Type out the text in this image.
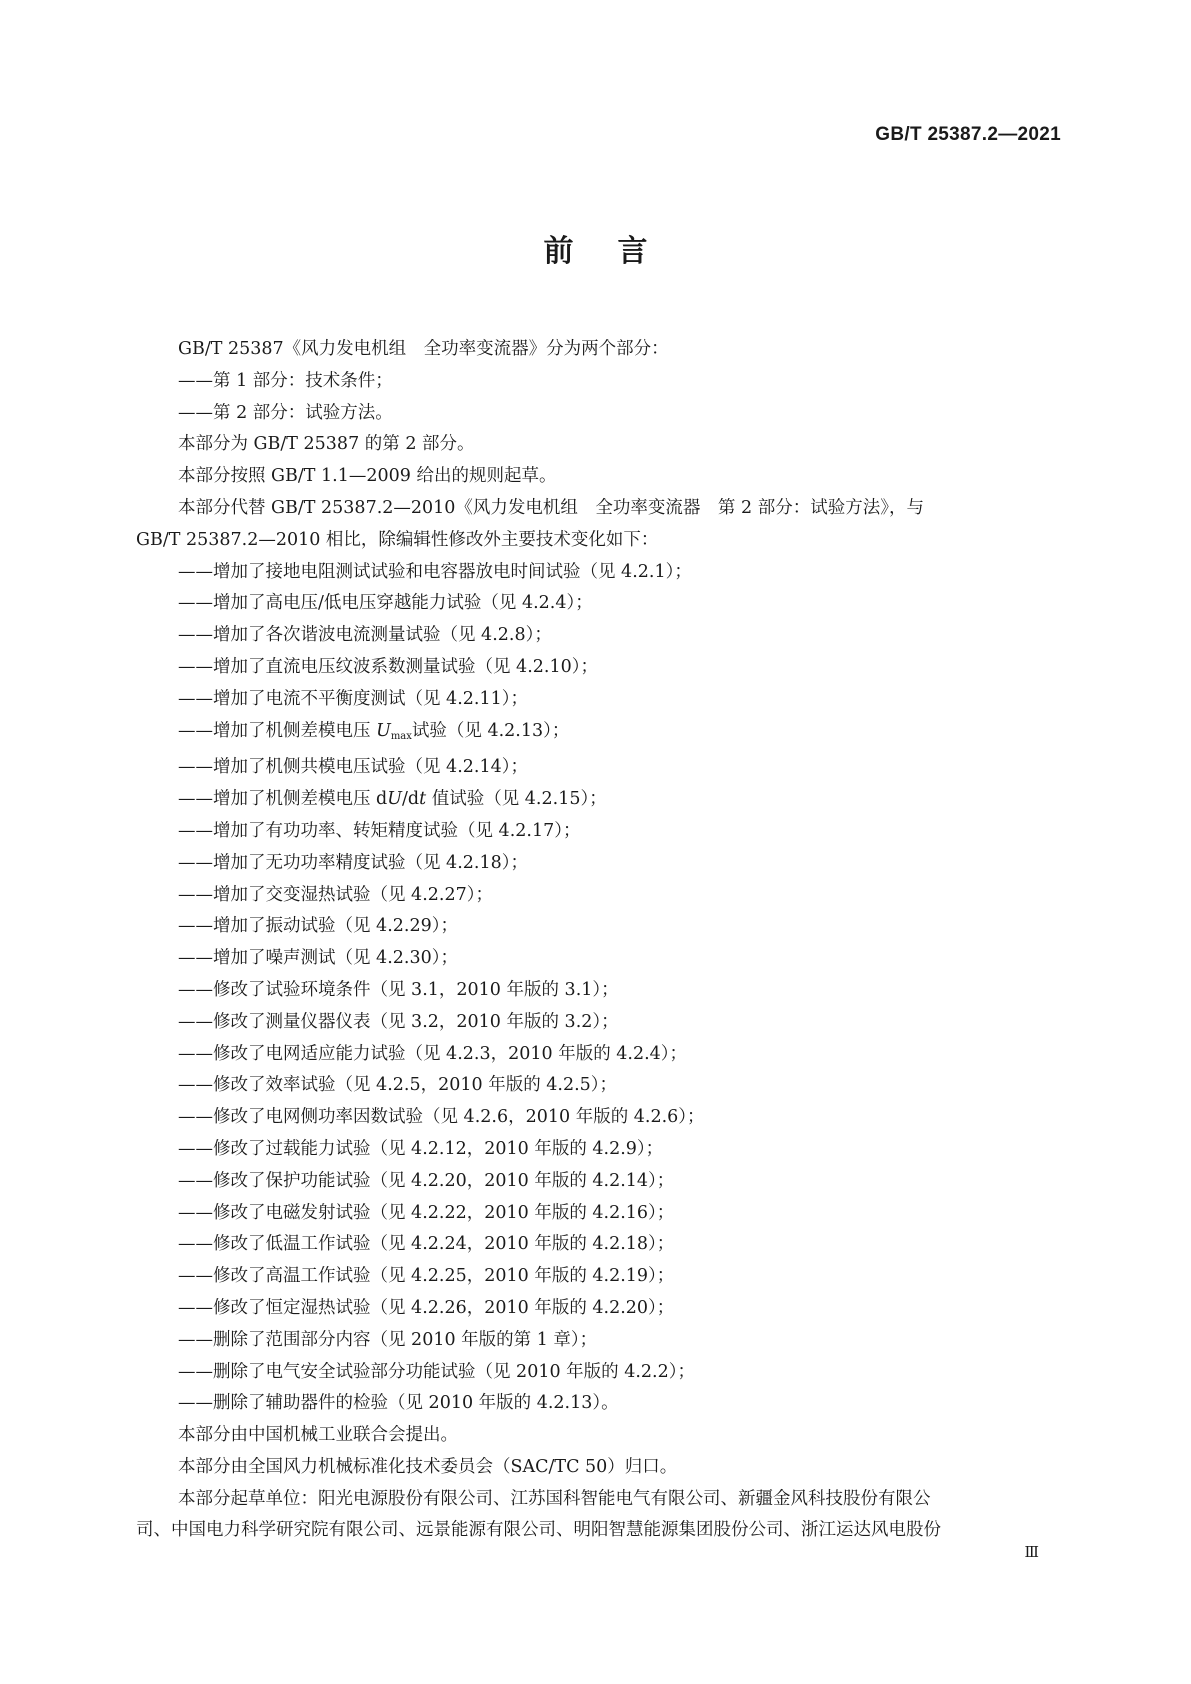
GB/T 25387.2—2021
前言

GB/T 25387《风力发电机组　全功率变流器》分为两个部分：

——第 1 部分：技术条件；

——第 2 部分：试验方法。

本部分为 GB/T 25387 的第 2 部分。

本部分按照 GB/T 1.1—2009 给出的规则起草。

本部分代替 GB/T 25387.2—2010《风力发电机组　全功率变流器　第 2 部分：试验方法》，与

GB/T 25387.2—2010 相比，除编辑性修改外主要技术变化如下：

——增加了接地电阻测试试验和电容器放电时间试验（见 4.2.1）；

——增加了高电压/低电压穿越能力试验（见 4.2.4）；

——增加了各次谐波电流测量试验（见 4.2.8）；

——增加了直流电压纹波系数测量试验（见 4.2.10）；

——增加了电流不平衡度测试（见 4.2.11）；

——增加了机侧差模电压 $U_{max}$试验（见 4.2.13）；

——增加了机侧共模电压试验（见 4.2.14）；

——增加了机侧差模电压 dU/dt 值试验（见 4.2.15）；

——增加了有功功率、转矩精度试验（见 4.2.17）；

——增加了无功功率精度试验（见 4.2.18）；

——增加了交变湿热试验（见 4.2.27）；

——增加了振动试验（见 4.2.29）；

——增加了噪声测试（见 4.2.30）；

——修改了试验环境条件（见 3.1，2010 年版的 3.1）；

——修改了测量仪器仪表（见 3.2，2010 年版的 3.2）；

——修改了电网适应能力试验（见 4.2.3，2010 年版的 4.2.4）；

——修改了效率试验（见 4.2.5，2010 年版的 4.2.5）；

——修改了电网侧功率因数试验（见 4.2.6，2010 年版的 4.2.6）；

——修改了过载能力试验（见 4.2.12，2010 年版的 4.2.9）；

——修改了保护功能试验（见 4.2.20，2010 年版的 4.2.14）；

——修改了电磁发射试验（见 4.2.22，2010 年版的 4.2.16）；

——修改了低温工作试验（见 4.2.24，2010 年版的 4.2.18）；

——修改了高温工作试验（见 4.2.25，2010 年版的 4.2.19）；

——修改了恒定湿热试验（见 4.2.26，2010 年版的 4.2.20）；

——删除了范围部分内容（见 2010 年版的第 1 章）；

——删除了电气安全试验部分功能试验（见 2010 年版的 4.2.2）；

——删除了辅助器件的检验（见 2010 年版的 4.2.13）。

本部分由中国机械工业联合会提出。

本部分由全国风力机械标准化技术委员会（SAC/TC 50）归口。

本部分起草单位：阳光电源股份有限公司、江苏国科智能电气有限公司、新疆金风科技股份有限公

司、中国电力科学研究院有限公司、远景能源有限公司、明阳智慧能源集团股份公司、浙江运达风电股份

Ⅲ
